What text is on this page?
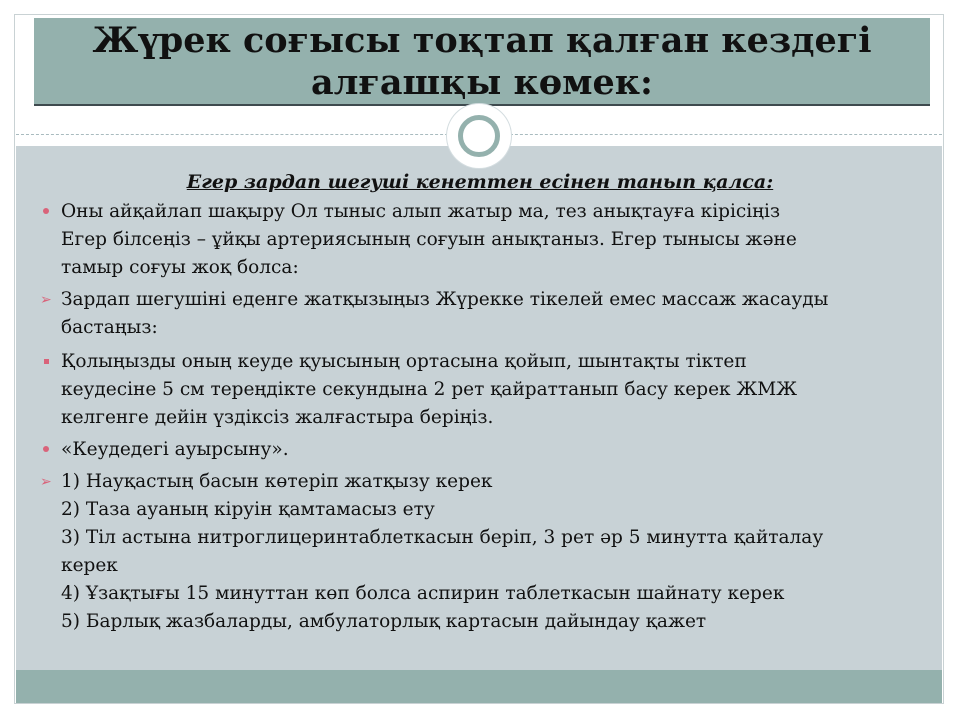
Жүрек соғысы тоқтап қалған кездегі
алғашқы көмек:
Егер зардап шегуші кенеттен есінен танып қалса:
Оны айқайлап шақыру Ол тыныс алып жатыр ма, тез анықтауға кірісіңіз
Егер білсеңіз – ұйқы артериясының соғуын анықтаныз. Егер тынысы және
тамыр соғуы жоқ болса:
➢
Зардап шегушіні еденге жатқызыңыз Жүрекке тікелей емес массаж жасауды
бастаңыз:
Қолыңызды оның кеуде қуысының ортасына қойып, шынтақты тіктеп
кеудесіне 5 см тереңдікте секундына 2 рет қайраттанып басу керек ЖМЖ
келгенге дейін үздіксіз жалғастыра беріңіз.
«Кеудедегі ауырсыну».
➢
1) Науқастың басын көтеріп жатқызу керек
2) Таза ауаның кіруін қамтамасыз ету
3) Тіл астына нитроглицеринтаблеткасын беріп, 3 рет әр 5 минутта қайталау
керек
4) Ұзақтығы 15 минуттан көп болса аспирин таблеткасын шайнату керек
5) Барлық жазбаларды, амбулаторлық картасын дайындау қажет
